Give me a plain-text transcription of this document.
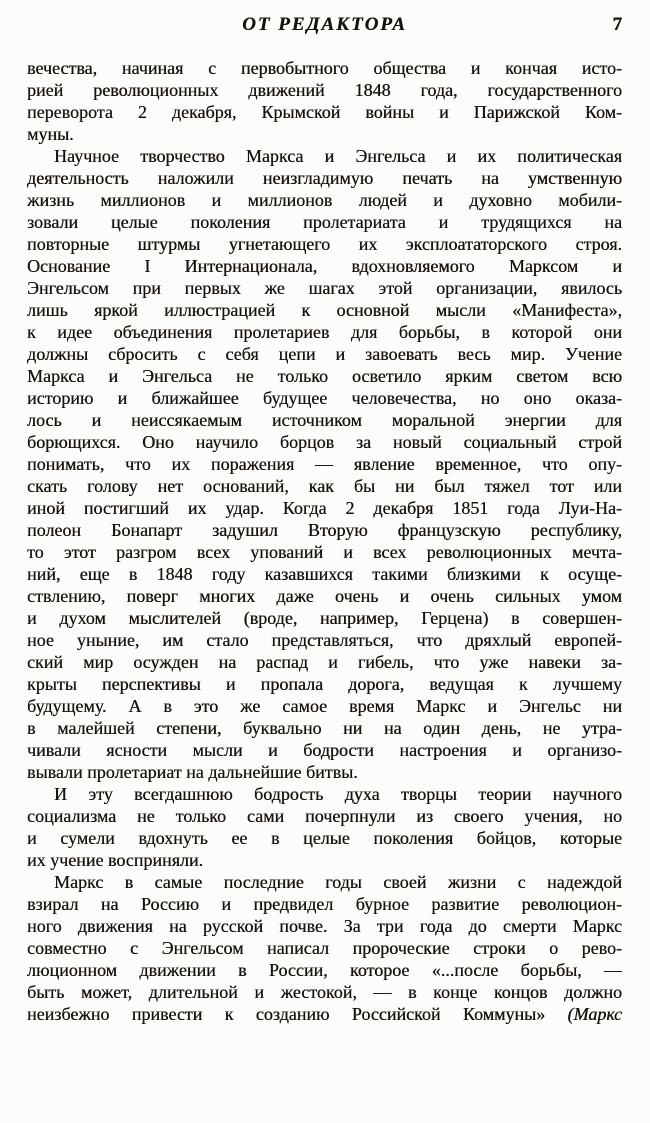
ОТ РЕДАКТОРА	7
вечества, начиная с первобытного общества и кончая исто-
рией революционных движений 1848 года, государственного
переворота 2 декабря, Крымской войны и Парижской Ком-
муны.
Научное творчество Маркса и Энгельса и их политическая
деятельность наложили неизгладимую печать на умственную
жизнь миллионов и миллионов людей и духовно мобили-
зовали целые поколения пролетариата и трудящихся на
повторные штурмы угнетающего их эксплоататорского строя.
Основание I Интернационала, вдохновляемого Марксом и
Энгельсом при первых же шагах этой организации, явилось
лишь яркой иллюстрацией к основной мысли «Манифеста»,
к идее объединения пролетариев для борьбы, в которой они
должны сбросить с себя цепи и завоевать весь мир. Учение
Маркса и Энгельса не только осветило ярким светом всю
историю и ближайшее будущее человечества, но оно оказа-
лось и неиссякаемым источником моральной энергии для
борющихся. Оно научило борцов за новый социальный строй
понимать, что их поражения — явление временное, что опу-
скать голову нет оснований, как бы ни был тяжел тот или
иной постигший их удар. Когда 2 декабря 1851 года Луи-На-
полеон Бонапарт задушил Вторую французскую республику,
то этот разгром всех упований и всех революционных мечта-
ний, еще в 1848 году казавшихся такими близкими к осуще-
ствлению, поверг многих даже очень и очень сильных умом
и духом мыслителей (вроде, например, Герцена) в совершен-
ное уныние, им стало представляться, что дряхлый европей-
ский мир осужден на распад и гибель, что уже навеки за-
крыты перспективы и пропала дорога, ведущая к лучшему
будущему. А в это же самое время Маркс и Энгельс ни
в малейшей степени, буквально ни на один день, не утра-
чивали ясности мысли и бодрости настроения и организо-
вывали пролетариат на дальнейшие битвы.
И эту всегдашнюю бодрость духа творцы теории научного
социализма не только сами почерпнули из своего учения, но
и сумели вдохнуть ее в целые поколения бойцов, которые
их учение восприняли.
Маркс в самые последние годы своей жизни с надеждой
взирал на Россию и предвидел бурное развитие революцион-
ного движения на русской почве. За три года до смерти Маркс
совместно с Энгельсом написал пророческие строки о рево-
люционном движении в России, которое «...после борьбы, —
быть может, длительной и жестокой, — в конце концов должно
неизбежно привести к созданию Российской Коммуны» (Маркс
